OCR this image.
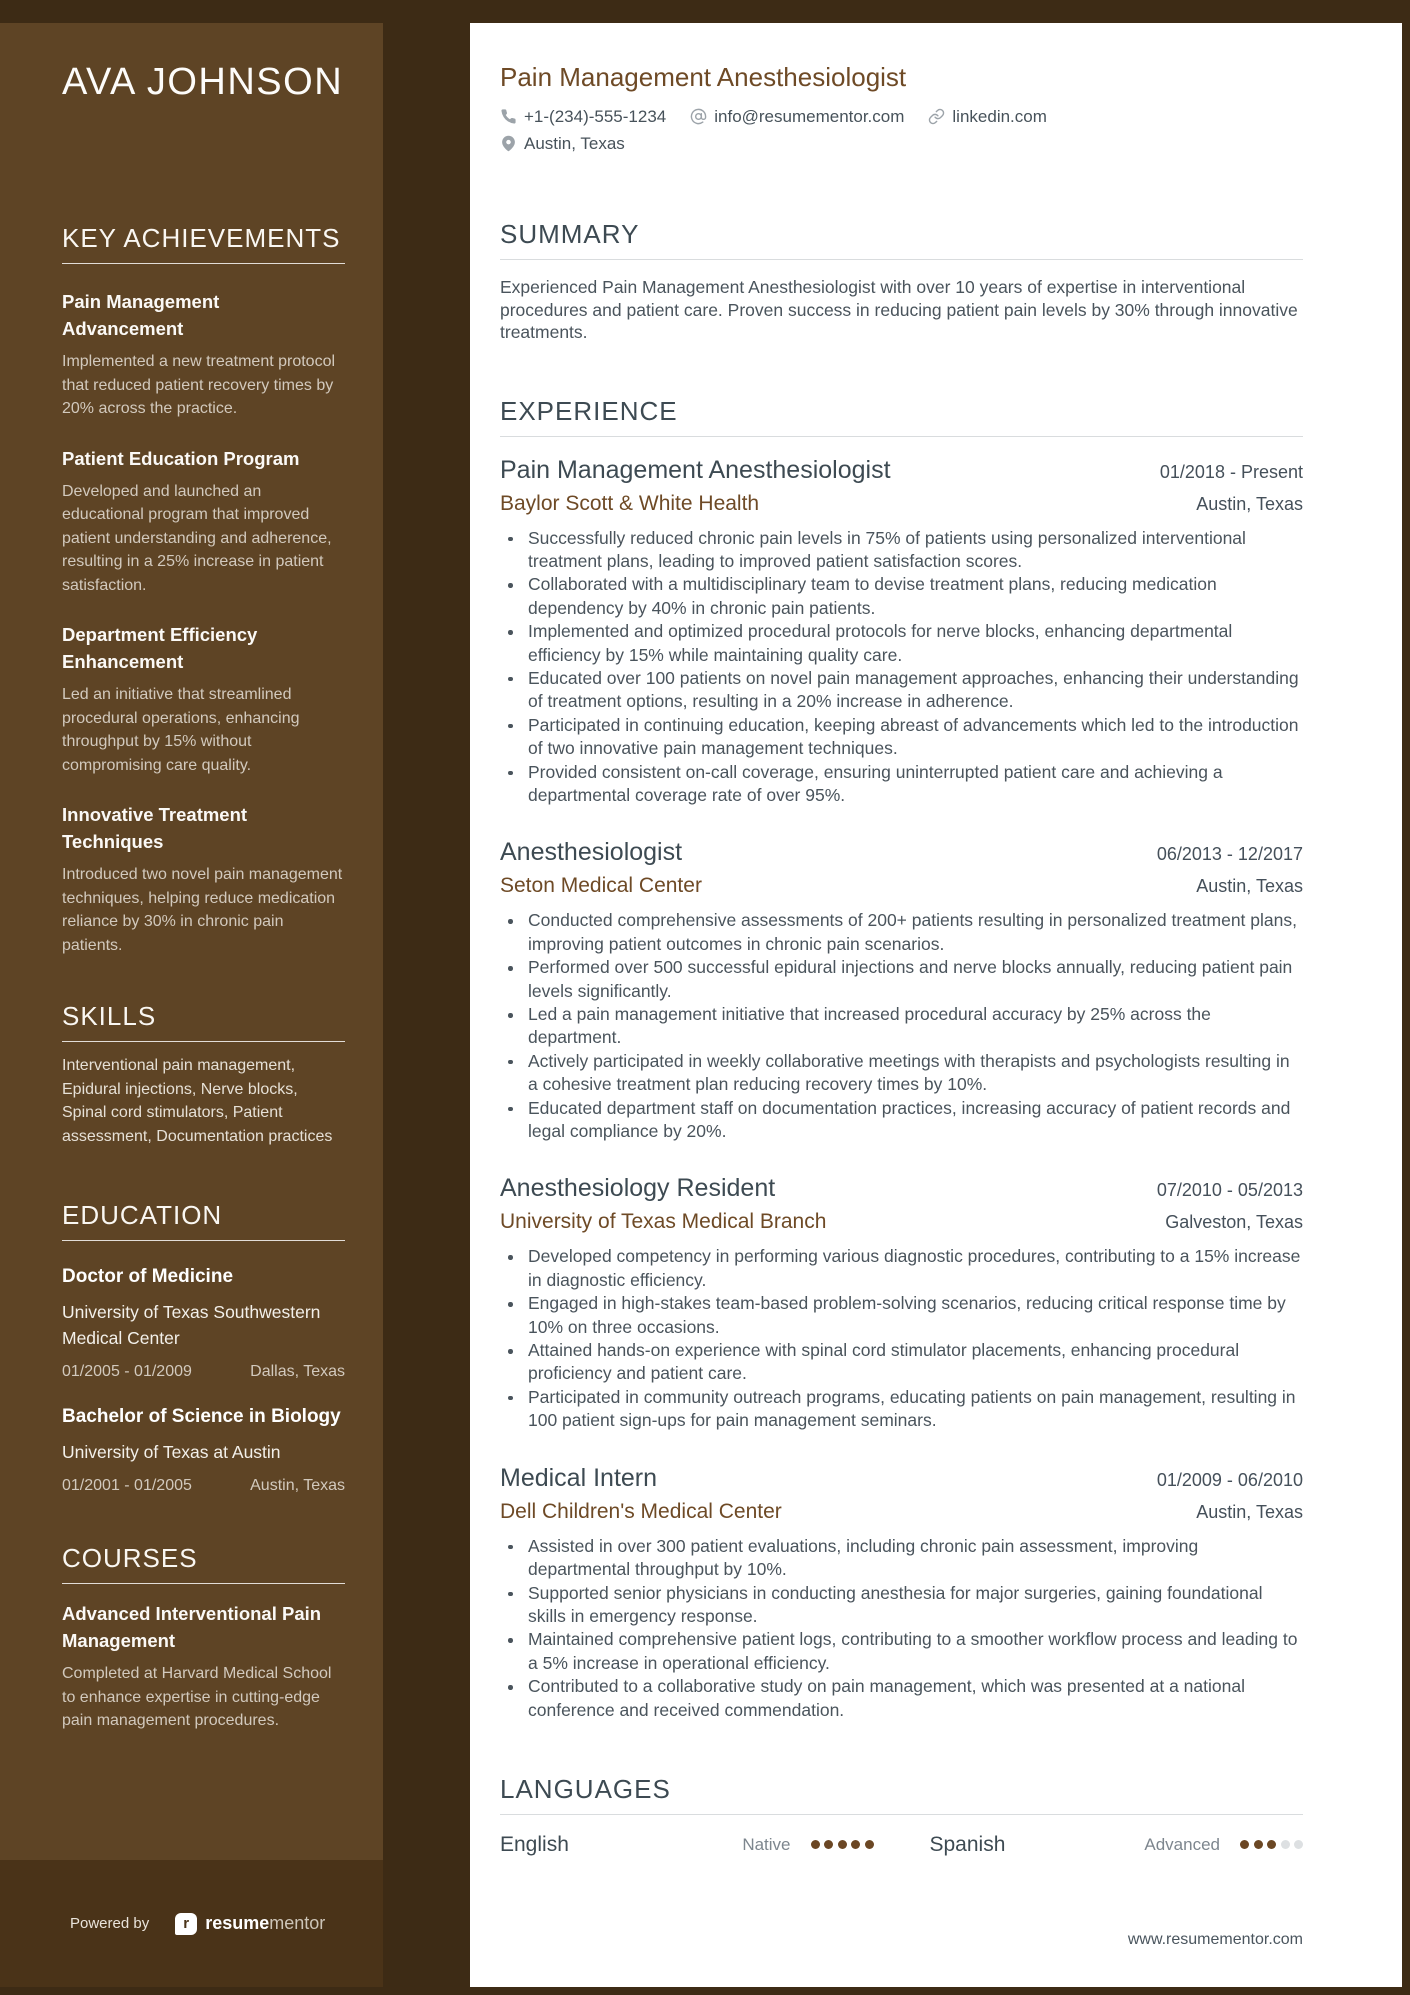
AVA JOHNSON
KEY ACHIEVEMENTS
Pain Management Advancement

Implemented a new treatment protocol that reduced patient recovery times by 20% across the practice.

Patient Education Program

Developed and launched an educational program that improved patient understanding and adherence, resulting in a 25% increase in patient satisfaction.

Department Efficiency Enhancement

Led an initiative that streamlined procedural operations, enhancing throughput by 15% without compromising care quality.

Innovative Treatment Techniques

Introduced two novel pain management techniques, helping reduce medication reliance by 30% in chronic pain patients.

SKILLS

Interventional pain management, Epidural injections, Nerve blocks, Spinal cord stimulators, Patient assessment, Documentation practices

EDUCATION
Doctor of Medicine
University of Texas Southwestern Medical Center
01/2005 - 01/2009	Dallas, Texas
Bachelor of Science in Biology
University of Texas at Austin
01/2001 - 01/2005	Austin, Texas
COURSES
Advanced Interventional Pain Management

Completed at Harvard Medical School to enhance expertise in cutting-edge pain management procedures.

Powered by	r resumementor
Pain Management Anesthesiologist
+1-(234)-555-1234	info@resumementor.com	linkedin.com
Austin, Texas
SUMMARY

Experienced Pain Management Anesthesiologist with over 10 years of expertise in interventional procedures and patient care. Proven success in reducing patient pain levels by 30% through innovative treatments.

EXPERIENCE
Pain Management Anesthesiologist	01/2018 - Present
Baylor Scott & White Health	Austin, Texas
Successfully reduced chronic pain levels in 75% of patients using personalized interventional treatment plans, leading to improved patient satisfaction scores.
Collaborated with a multidisciplinary team to devise treatment plans, reducing medication dependency by 40% in chronic pain patients.
Implemented and optimized procedural protocols for nerve blocks, enhancing departmental efficiency by 15% while maintaining quality care.
Educated over 100 patients on novel pain management approaches, enhancing their understanding of treatment options, resulting in a 20% increase in adherence.
Participated in continuing education, keeping abreast of advancements which led to the introduction of two innovative pain management techniques.
Provided consistent on-call coverage, ensuring uninterrupted patient care and achieving a departmental coverage rate of over 95%.
Anesthesiologist	06/2013 - 12/2017
Seton Medical Center	Austin, Texas
Conducted comprehensive assessments of 200+ patients resulting in personalized treatment plans, improving patient outcomes in chronic pain scenarios.
Performed over 500 successful epidural injections and nerve blocks annually, reducing patient pain levels significantly.
Led a pain management initiative that increased procedural accuracy by 25% across the department.
Actively participated in weekly collaborative meetings with therapists and psychologists resulting in a cohesive treatment plan reducing recovery times by 10%.
Educated department staff on documentation practices, increasing accuracy of patient records and legal compliance by 20%.
Anesthesiology Resident	07/2010 - 05/2013
University of Texas Medical Branch	Galveston, Texas
Developed competency in performing various diagnostic procedures, contributing to a 15% increase in diagnostic efficiency.
Engaged in high-stakes team-based problem-solving scenarios, reducing critical response time by 10% on three occasions.
Attained hands-on experience with spinal cord stimulator placements, enhancing procedural proficiency and patient care.
Participated in community outreach programs, educating patients on pain management, resulting in 100 patient sign-ups for pain management seminars.
Medical Intern	01/2009 - 06/2010
Dell Children's Medical Center	Austin, Texas
Assisted in over 300 patient evaluations, including chronic pain assessment, improving departmental throughput by 10%.
Supported senior physicians in conducting anesthesia for major surgeries, gaining foundational skills in emergency response.
Maintained comprehensive patient logs, contributing to a smoother workflow process and leading to a 5% increase in operational efficiency.
Contributed to a collaborative study on pain management, which was presented at a national conference and received commendation.
LANGUAGES
English	Native	Spanish	Advanced
www.resumementor.com
